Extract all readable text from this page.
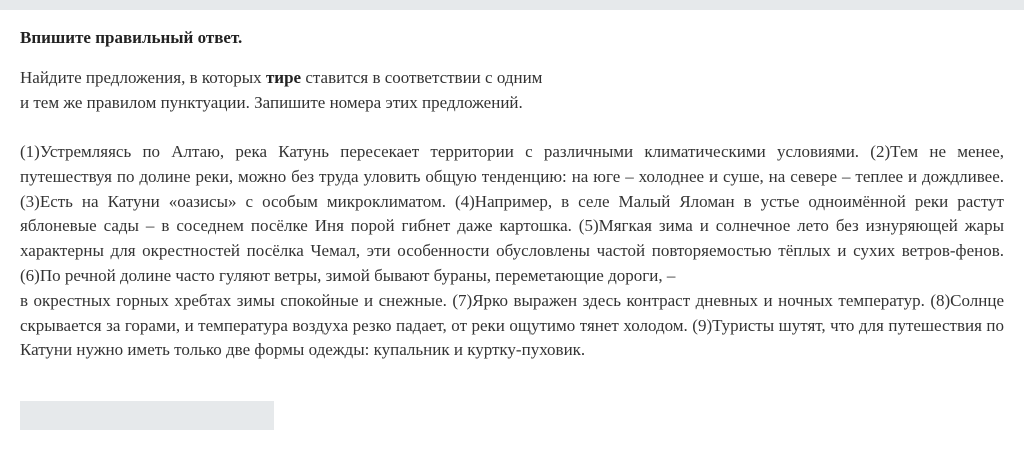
Впишите правильный ответ.

Найдите предложения, в которых тире ставится в соответствии с одним
и тем же правилом пунктуации. Запишите номера этих предложений.

(1)Устремляясь по Алтаю, река Катунь пересекает территории с различными климатическими условиями. (2)Тем не менее, путешествуя по долине реки, можно без труда уловить общую тенденцию: на юге – холоднее и суше, на севере – теплее и дождливее. (3)Есть на Катуни «оазисы» с особым микроклиматом. (4)Например, в селе Малый Яломан в устье одноимённой реки растут яблоневые сады – в соседнем посёлке Иня порой гибнет даже картошка. (5)Мягкая зима и солнечное лето без изнуряющей жары характерны для окрестностей посёлка Чемал, эти особенности обусловлены частой повторяемостью тёплых и сухих ветров-фенов. (6)По речной долине часто гуляют ветры, зимой бывают бураны, переметающие дороги, –
в окрестных горных хребтах зимы спокойные и снежные. (7)Ярко выражен здесь контраст дневных и ночных температур. (8)Солнце скрывается за горами, и температура воздуха резко падает, от реки ощутимо тянет холодом. (9)Туристы шутят, что для путешествия по Катуни нужно иметь только две формы одежды: купальник и куртку-пуховик.
